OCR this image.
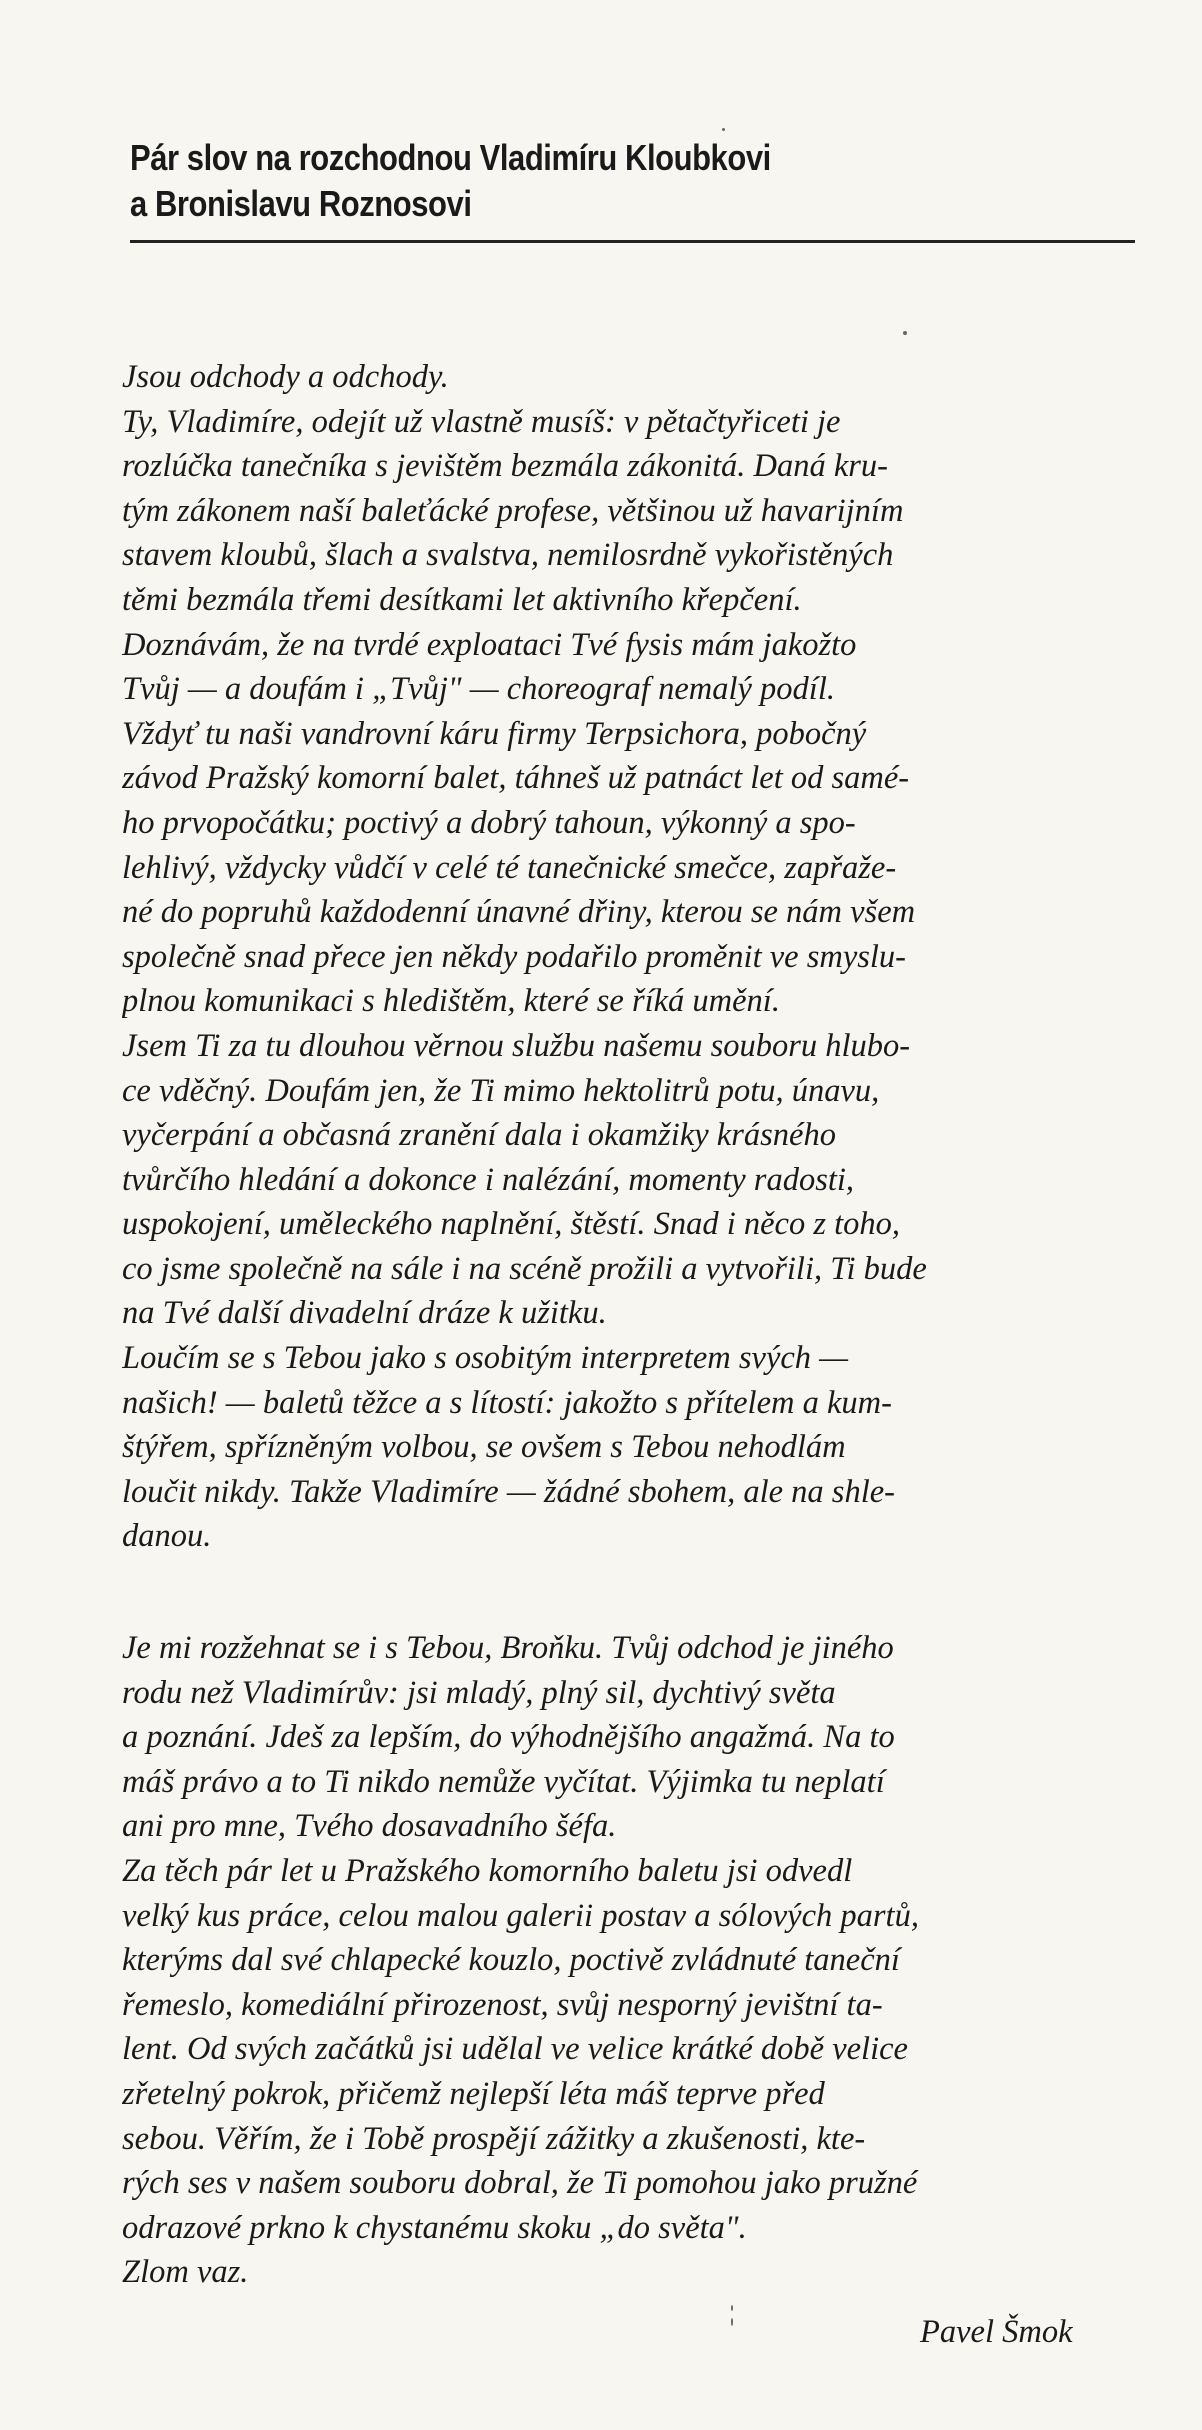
Pár slov na rozchodnou Vladimíru Kloubkovi
a Bronislavu Roznosovi
Jsou odchody a odchody.
Ty, Vladimíre, odejít už vlastně musíš: v pětačtyřiceti je
rozlúčka tanečníka s jevištěm bezmála zákonitá. Daná kru-
tým zákonem naší baleťácké profese, většinou už havarijním
stavem kloubů, šlach a svalstva, nemilosrdně vykořistěných
těmi bezmála třemi desítkami let aktivního křepčení.
Doznávám, že na tvrdé exploataci Tvé fysis mám jakožto
Tvůj — a doufám i „Tvůj" — choreograf nemalý podíl.
Vždyť tu naši vandrovní káru firmy Terpsichora, pobočný
závod Pražský komorní balet, táhneš už patnáct let od samé-
ho prvopočátku; poctivý a dobrý tahoun, výkonný a spo-
lehlivý, vždycky vůdčí v celé té tanečnické smečce, zapřaže-
né do popruhů každodenní únavné dřiny, kterou se nám všem
společně snad přece jen někdy podařilo proměnit ve smyslu-
plnou komunikaci s hledištěm, které se říká umění.
Jsem Ti za tu dlouhou věrnou službu našemu souboru hlubo-
ce vděčný. Doufám jen, že Ti mimo hektolitrů potu, únavu,
vyčerpání a občasná zranění dala i okamžiky krásného
tvůrčího hledání a dokonce i nalézání, momenty radosti,
uspokojení, uměleckého naplnění, štěstí. Snad i něco z toho,
co jsme společně na sále i na scéně prožili a vytvořili, Ti bude
na Tvé další divadelní dráze k užitku.
Loučím se s Tebou jako s osobitým interpretem svých —
našich! — baletů těžce a s lítostí: jakožto s přítelem a kum-
štýřem, spřízněným volbou, se ovšem s Tebou nehodlám
loučit nikdy. Takže Vladimíre — žádné sbohem, ale na shle-
danou.
Je mi rozžehnat se i s Tebou, Broňku. Tvůj odchod je jiného
rodu než Vladimírův: jsi mladý, plný sil, dychtivý světa
a poznání. Jdeš za lepším, do výhodnějšího angažmá. Na to
máš právo a to Ti nikdo nemůže vyčítat. Výjimka tu neplatí
ani pro mne, Tvého dosavadního šéfa.
Za těch pár let u Pražského komorního baletu jsi odvedl
velký kus práce, celou malou galerii postav a sólových partů,
kterýms dal své chlapecké kouzlo, poctivě zvládnuté taneční
řemeslo, komediální přirozenost, svůj nesporný jevištní ta-
lent. Od svých začátků jsi udělal ve velice krátké době velice
zřetelný pokrok, přičemž nejlepší léta máš teprve před
sebou. Věřím, že i Tobě prospějí zážitky a zkušenosti, kte-
rých ses v našem souboru dobral, že Ti pomohou jako pružné
odrazové prkno k chystanému skoku „do světa".
Zlom vaz.
Pavel Šmok
